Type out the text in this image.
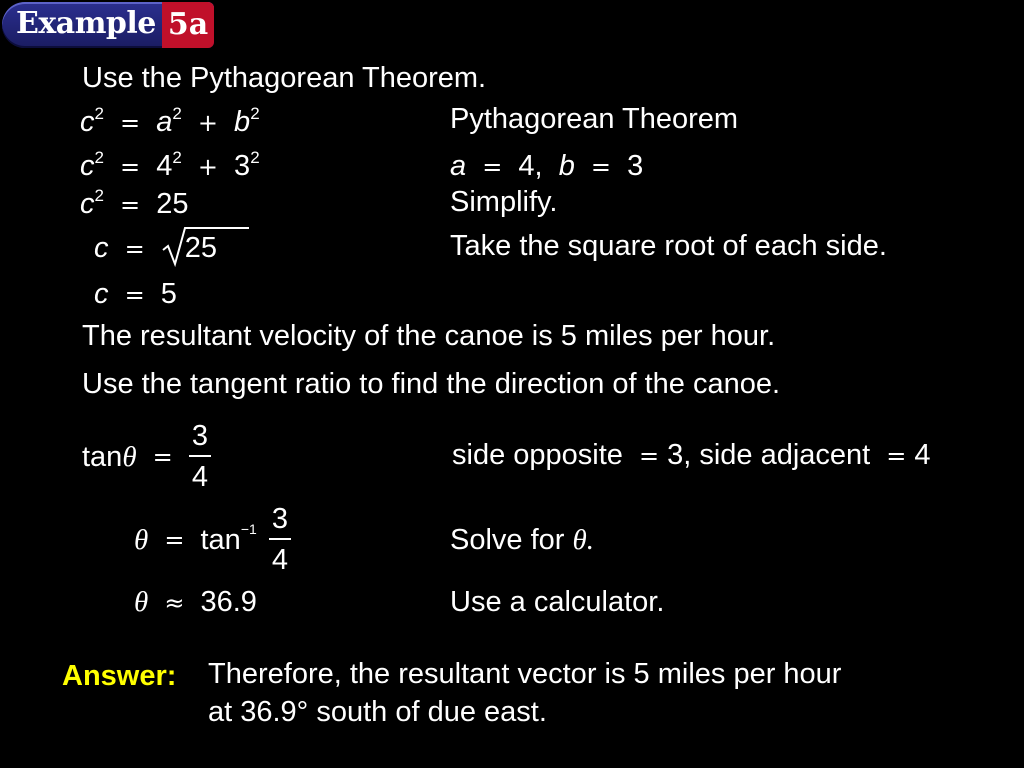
Example 5a
Use the Pythagorean Theorem.
$c^2 = a^2 + b^2$	Pythagorean Theorem
$c^2 = 4^2 + 3^2$	a = 4, b = 3
$c^2 = 25$	Simplify.
c = 25	Take the square root of each side.
c = 5
The resultant velocity of the canoe is 5 miles per hour.
Use the tangent ratio to find the direction of the canoe.
$\tan\theta = \frac{3}{4}$	side opposite = 3, side adjacent = 4
$\theta = \tan^{-1} \frac{3}{4}$	Solve for θ.
θ ≈ 36.9	Use a calculator.
Answer: Therefore, the resultant vector is 5 miles per hour
at 36.9° south of due east.
